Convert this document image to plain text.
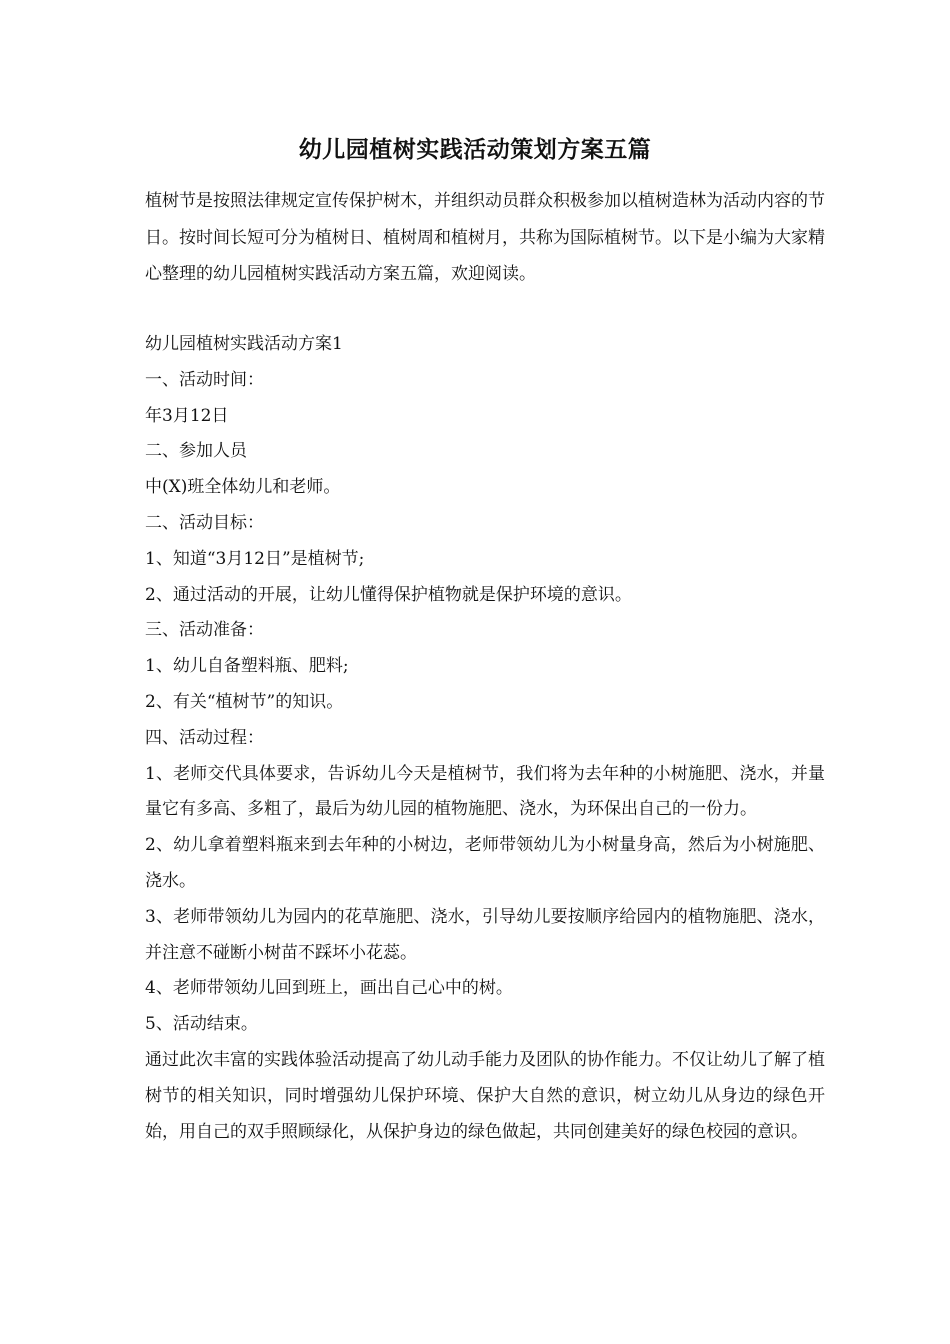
幼儿园植树实践活动策划方案五篇

植树节是按照法律规定宣传保护树木，并组织动员群众积极参加以植树造林为活动内容的节日。按时间长短可分为植树日、植树周和植树月，共称为国际植树节。以下是小编为大家精心整理的幼儿园植树实践活动方案五篇，欢迎阅读。

幼儿园植树实践活动方案1
一、活动时间：
年3月12日
二、参加人员
中(X)班全体幼儿和老师。
二、活动目标：
1、知道“3月12日”是植树节;
2、通过活动的开展，让幼儿懂得保护植物就是保护环境的意识。
三、活动准备：
1、幼儿自备塑料瓶、肥料;
2、有关“植树节”的知识。
四、活动过程：

1、老师交代具体要求，告诉幼儿今天是植树节，我们将为去年种的小树施肥、浇水，并量量它有多高、多粗了，最后为幼儿园的植物施肥、浇水，为环保出自己的一份力。

2、幼儿拿着塑料瓶来到去年种的小树边，老师带领幼儿为小树量身高，然后为小树施肥、浇水。

3、老师带领幼儿为园内的花草施肥、浇水，引导幼儿要按顺序给园内的植物施肥、浇水，并注意不碰断小树苗不踩坏小花蕊。

4、老师带领幼儿回到班上，画出自己心中的树。

5、活动结束。

通过此次丰富的实践体验活动提高了幼儿动手能力及团队的协作能力。不仅让幼儿了解了植树节的相关知识，同时增强幼儿保护环境、保护大自然的意识，树立幼儿从身边的绿色开始，用自己的双手照顾绿化，从保护身边的绿色做起，共同创建美好的绿色校园的意识。
